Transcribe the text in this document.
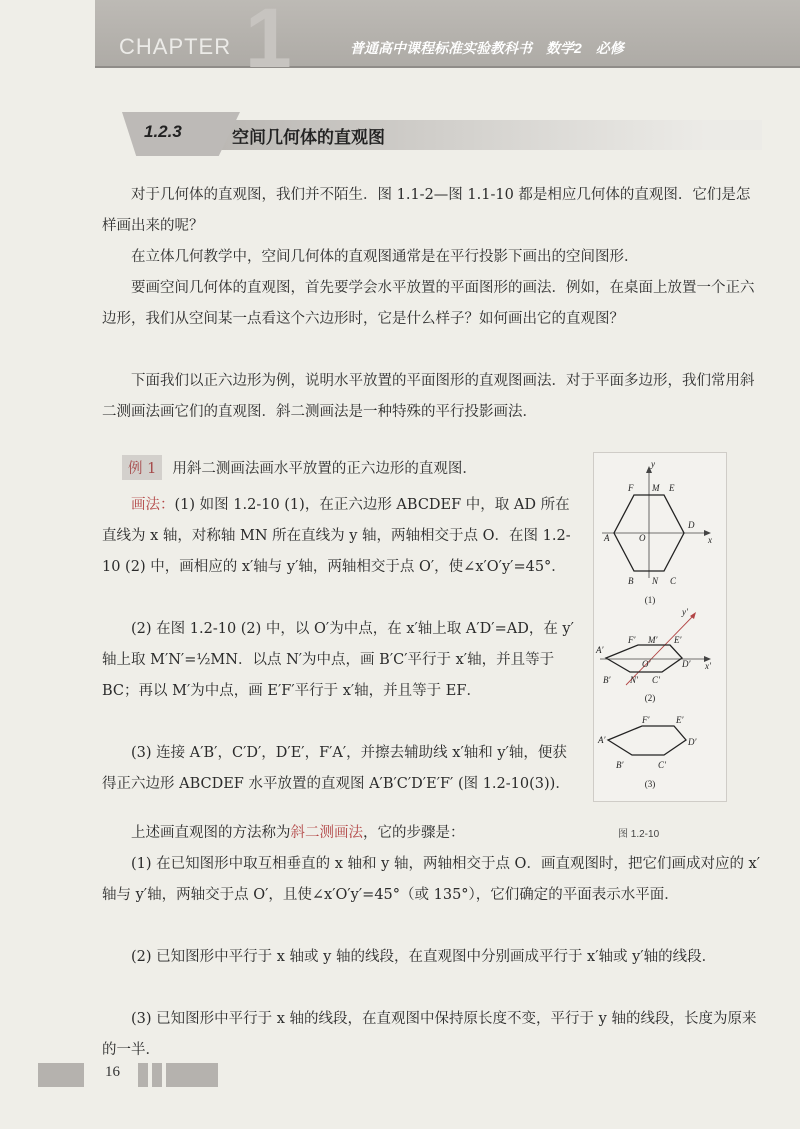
1
CHAPTER	普通高中课程标准实验教科书　数学2　必修
1.2.3	空间几何体的直观图

对于几何体的直观图，我们并不陌生．图 1.1-2—图 1.1-10 都是相应几何体的直观图．它们是怎样画出来的呢？

在立体几何教学中，空间几何体的直观图通常是在平行投影下画出的空间图形．

要画空间几何体的直观图，首先要学会水平放置的平面图形的画法．例如，在桌面上放置一个正六边形，我们从空间某一点看这个六边形时，它是什么样子？如何画出它的直观图？

下面我们以正六边形为例，说明水平放置的平面图形的直观图画法．对于平面多边形，我们常用斜二测画法画它们的直观图．斜二测画法是一种特殊的平行投影画法．

例 1 用斜二测画法画水平放置的正六边形的直观图．

画法：(1) 如图 1.2-10 (1)，在正六边形 ABCDEF 中，取 AD 所在直线为 x 轴，对称轴 MN 所在直线为 y 轴，两轴相交于点 O．在图 1.2-10 (2) 中，画相应的 x′轴与 y′轴，两轴相交于点 O′，使∠x′O′y′=45°．

(2) 在图 1.2-10 (2) 中，以 O′为中点，在 x′轴上取 A′D′=AD，在 y′轴上取 M′N′=½MN．以点 N′为中点，画 B′C′平行于 x′轴，并且等于 BC；再以 M′为中点，画 E′F′平行于 x′轴，并且等于 EF．

(3) 连接 A′B′，C′D′，D′E′，F′A′，并擦去辅助线 x′轴和 y′轴，便获得正六边形 ABCDEF 水平放置的直观图 A′B′C′D′E′F′ (图 1.2-10(3))．

y
x
O
A
B	C
D
E
F M
N
(1)
y′
x′
O′
A′
B′	C′
D′
E′
F′ M′
N′
(2)
A′
B′	C′
D′
E′
F′
(3)
图 1.2-10

上述画直观图的方法称为斜二测画法，它的步骤是：

(1) 在已知图形中取互相垂直的 x 轴和 y 轴，两轴相交于点 O．画直观图时，把它们画成对应的 x′轴与 y′轴，两轴交于点 O′，且使∠x′O′y′=45°（或 135°），它们确定的平面表示水平面．

(2) 已知图形中平行于 x 轴或 y 轴的线段，在直观图中分别画成平行于 x′轴或 y′轴的线段．

(3) 已知图形中平行于 x 轴的线段，在直观图中保持原长度不变，平行于 y 轴的线段，长度为原来的一半．

16
